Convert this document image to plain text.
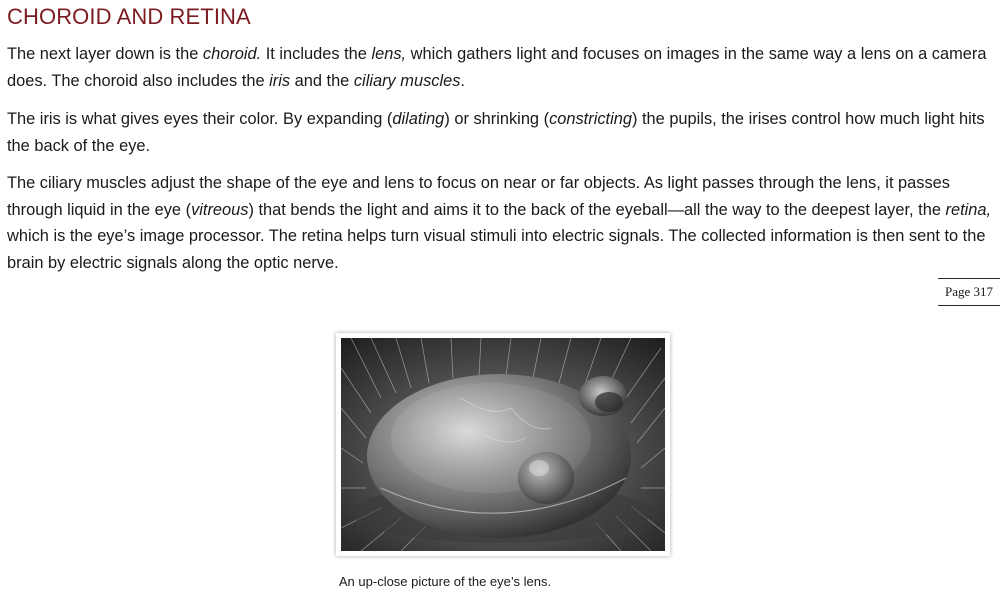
CHOROID AND RETINA

The next layer down is the choroid. It includes the lens, which gathers light and focuses on images in the same way a lens on a camera does. The choroid also includes the iris and the ciliary muscles.

The iris is what gives eyes their color. By expanding (dilating) or shrinking (constricting) the pupils, the irises control how much light hits the back of the eye.

The ciliary muscles adjust the shape of the eye and lens to focus on near or far objects. As light passes through the lens, it passes through liquid in the eye (vitreous) that bends the light and aims it to the back of the eyeball—all the way to the deepest layer, the retina, which is the eye’s image processor. The retina helps turn visual stimuli into electric signals. The collected information is then sent to the brain by electric signals along the optic nerve.

Page 317

An up-close picture of the eye’s lens.
